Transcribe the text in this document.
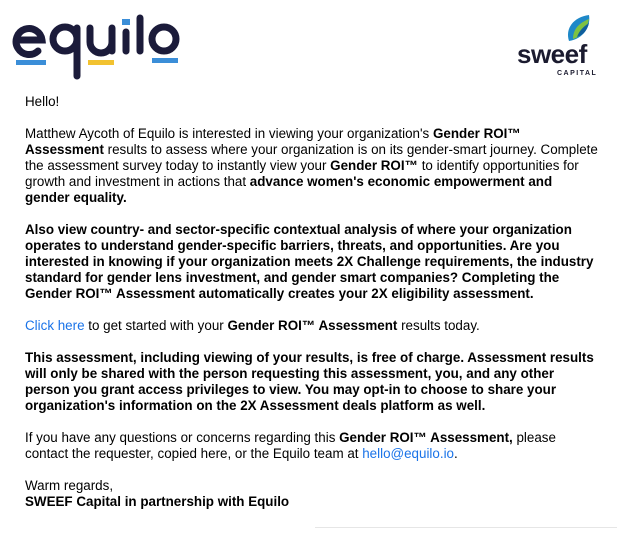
sweef
CAPITAL

Hello!

Matthew Aycoth of Equilo is interested in viewing your organization's Gender ROI™ Assessment results to assess where your organization is on its gender-smart journey. Complete the assessment survey today to instantly view your Gender ROI™ to identify opportunities for growth and investment in actions that advance women's economic empowerment and gender equality.

Also view country- and sector-specific contextual analysis of where your organization operates to understand gender-specific barriers, threats, and opportunities. Are you interested in knowing if your organization meets 2X Challenge requirements, the industry standard for gender lens investment, and gender smart companies? Completing the Gender ROI™ Assessment automatically creates your 2X eligibility assessment.

Click here to get started with your Gender ROI™ Assessment results today.

This assessment, including viewing of your results, is free of charge. Assessment results will only be shared with the person requesting this assessment, you, and any other person you grant access privileges to view. You may opt-in to choose to share your organization's information on the 2X Assessment deals platform as well.

If you have any questions or concerns regarding this Gender ROI™ Assessment, please contact the requester, copied here, or the Equilo team at hello@equilo.io.

Warm regards,

SWEEF Capital in partnership with Equilo
